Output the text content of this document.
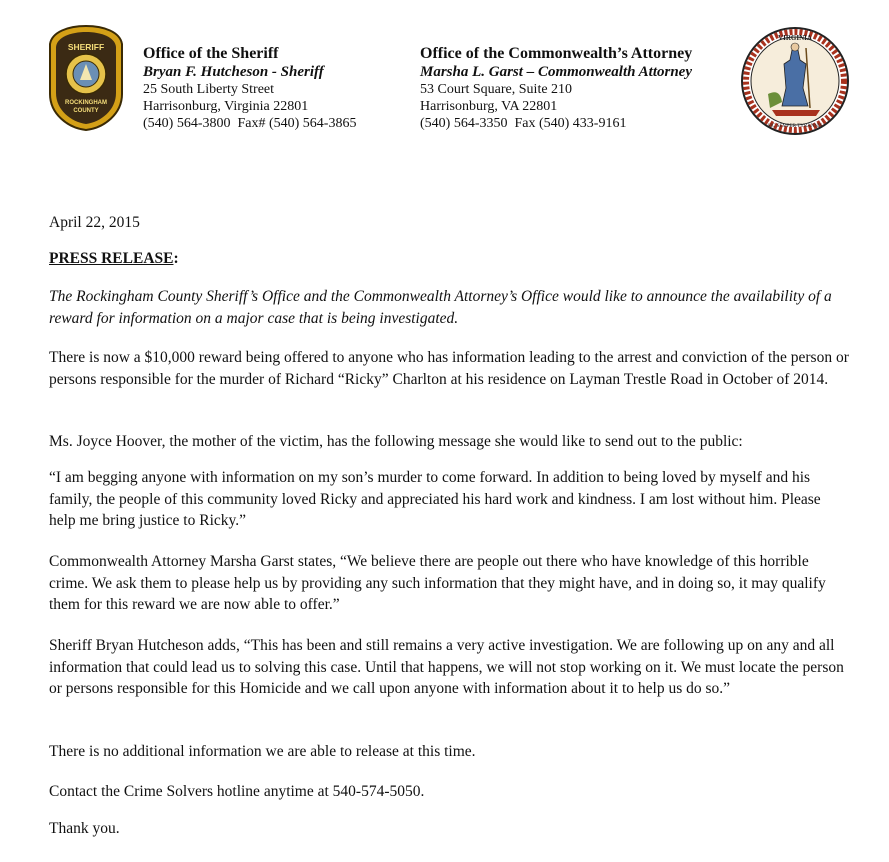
SHERIFF
ROCKINGHAM
COUNTY
Office of the Sheriff
Bryan F. Hutcheson - Sheriff
25 South Liberty Street
Harrisonburg, Virginia 22801
(540) 564-3800  Fax# (540) 564-3865
Office of the Commonwealth’s Attorney
Marsha L. Garst – Commonwealth Attorney
53 Court Square, Suite 210
Harrisonburg, VA 22801
(540) 564-3350  Fax (540) 433-9161
VIRGINIA
SIC SEMPER TYRANNIS

April 22, 2015

PRESS RELEASE:

The Rockingham County Sheriff’s Office and the Commonwealth Attorney’s Office would like to announce the availability of a reward for information on a major case that is being investigated.

There is now a $10,000 reward being offered to anyone who has information leading to the arrest and conviction of the person or persons responsible for the murder of Richard “Ricky” Charlton at his residence on Layman Trestle Road in October of 2014.

Ms. Joyce Hoover, the mother of the victim, has the following message she would like to send out to the public:

“I am begging anyone with information on my son’s murder to come forward. In addition to being loved by myself and his family, the people of this community loved Ricky and appreciated his hard work and kindness. I am lost without him. Please help me bring justice to Ricky.”

Commonwealth Attorney Marsha Garst states, “We believe there are people out there who have knowledge of this horrible crime. We ask them to please help us by providing any such information that they might have, and in doing so, it may qualify them for this reward we are now able to offer.”

Sheriff Bryan Hutcheson adds, “This has been and still remains a very active investigation. We are following up on any and all information that could lead us to solving this case. Until that happens, we will not stop working on it. We must locate the person or persons responsible for this Homicide and we call upon anyone with information about it to help us do so.”

There is no additional information we are able to release at this time.

Contact the Crime Solvers hotline anytime at 540-574-5050.

Thank you.
